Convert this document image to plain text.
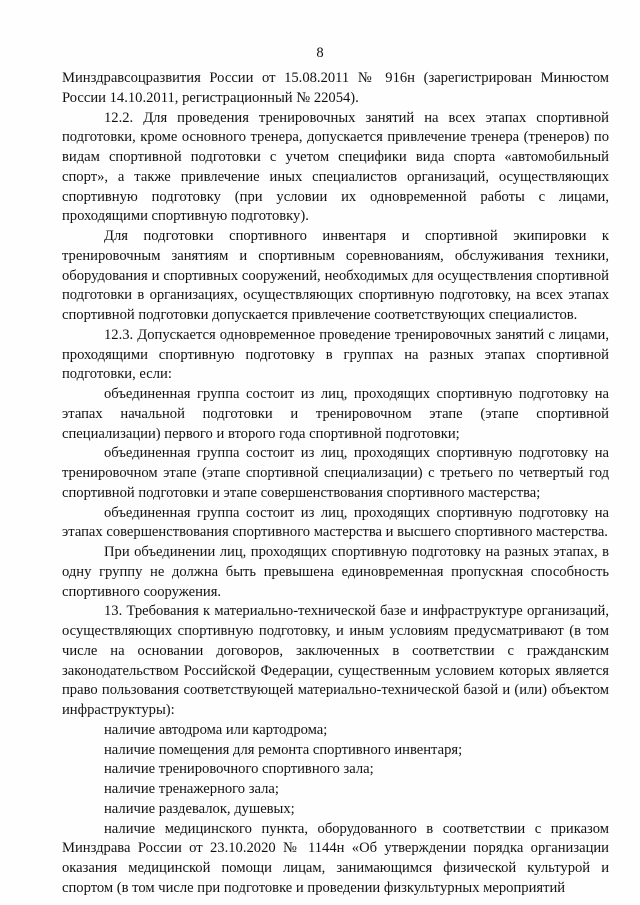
8

Минздравсоцразвития России от 15.08.2011 № 916н (зарегистрирован Минюстом России 14.10.2011, регистрационный № 22054).

12.2. Для проведения тренировочных занятий на всех этапах спортивной подготовки, кроме основного тренера, допускается привлечение тренера (тренеров) по видам спортивной подготовки с учетом специфики вида спорта «автомобильный спорт», а также привлечение иных специалистов организаций, осуществляющих спортивную подготовку (при условии их одновременной работы с лицами, проходящими спортивную подготовку).

Для подготовки спортивного инвентаря и спортивной экипировки к тренировочным занятиям и спортивным соревнованиям, обслуживания техники, оборудования и спортивных сооружений, необходимых для осуществления спортивной подготовки в организациях, осуществляющих спортивную подготовку, на всех этапах спортивной подготовки допускается привлечение соответствующих специалистов.

12.3. Допускается одновременное проведение тренировочных занятий с лицами, проходящими спортивную подготовку в группах на разных этапах спортивной подготовки, если:

объединенная группа состоит из лиц, проходящих спортивную подготовку на этапах начальной подготовки и тренировочном этапе (этапе спортивной специализации) первого и второго года спортивной подготовки;

объединенная группа состоит из лиц, проходящих спортивную подготовку на тренировочном этапе (этапе спортивной специализации) с третьего по четвертый год спортивной подготовки и этапе совершенствования спортивного мастерства;

объединенная группа состоит из лиц, проходящих спортивную подготовку на этапах совершенствования спортивного мастерства и высшего спортивного мастерства.

При объединении лиц, проходящих спортивную подготовку на разных этапах, в одну группу не должна быть превышена единовременная пропускная способность спортивного сооружения.

13. Требования к материально-технической базе и инфраструктуре организаций, осуществляющих спортивную подготовку, и иным условиям предусматривают (в том числе на основании договоров, заключенных в соответствии с гражданским законодательством Российской Федерации, существенным условием которых является право пользования соответствующей материально-технической базой и (или) объектом инфраструктуры):

наличие автодрома или картодрома;

наличие помещения для ремонта спортивного инвентаря;

наличие тренировочного спортивного зала;

наличие тренажерного зала;

наличие раздевалок, душевых;

наличие медицинского пункта, оборудованного в соответствии с приказом Минздрава России от 23.10.2020 № 1144н «Об утверждении порядка организации оказания медицинской помощи лицам, занимающимся физической культурой и спортом (в том числе при подготовке и проведении физкультурных мероприятий
